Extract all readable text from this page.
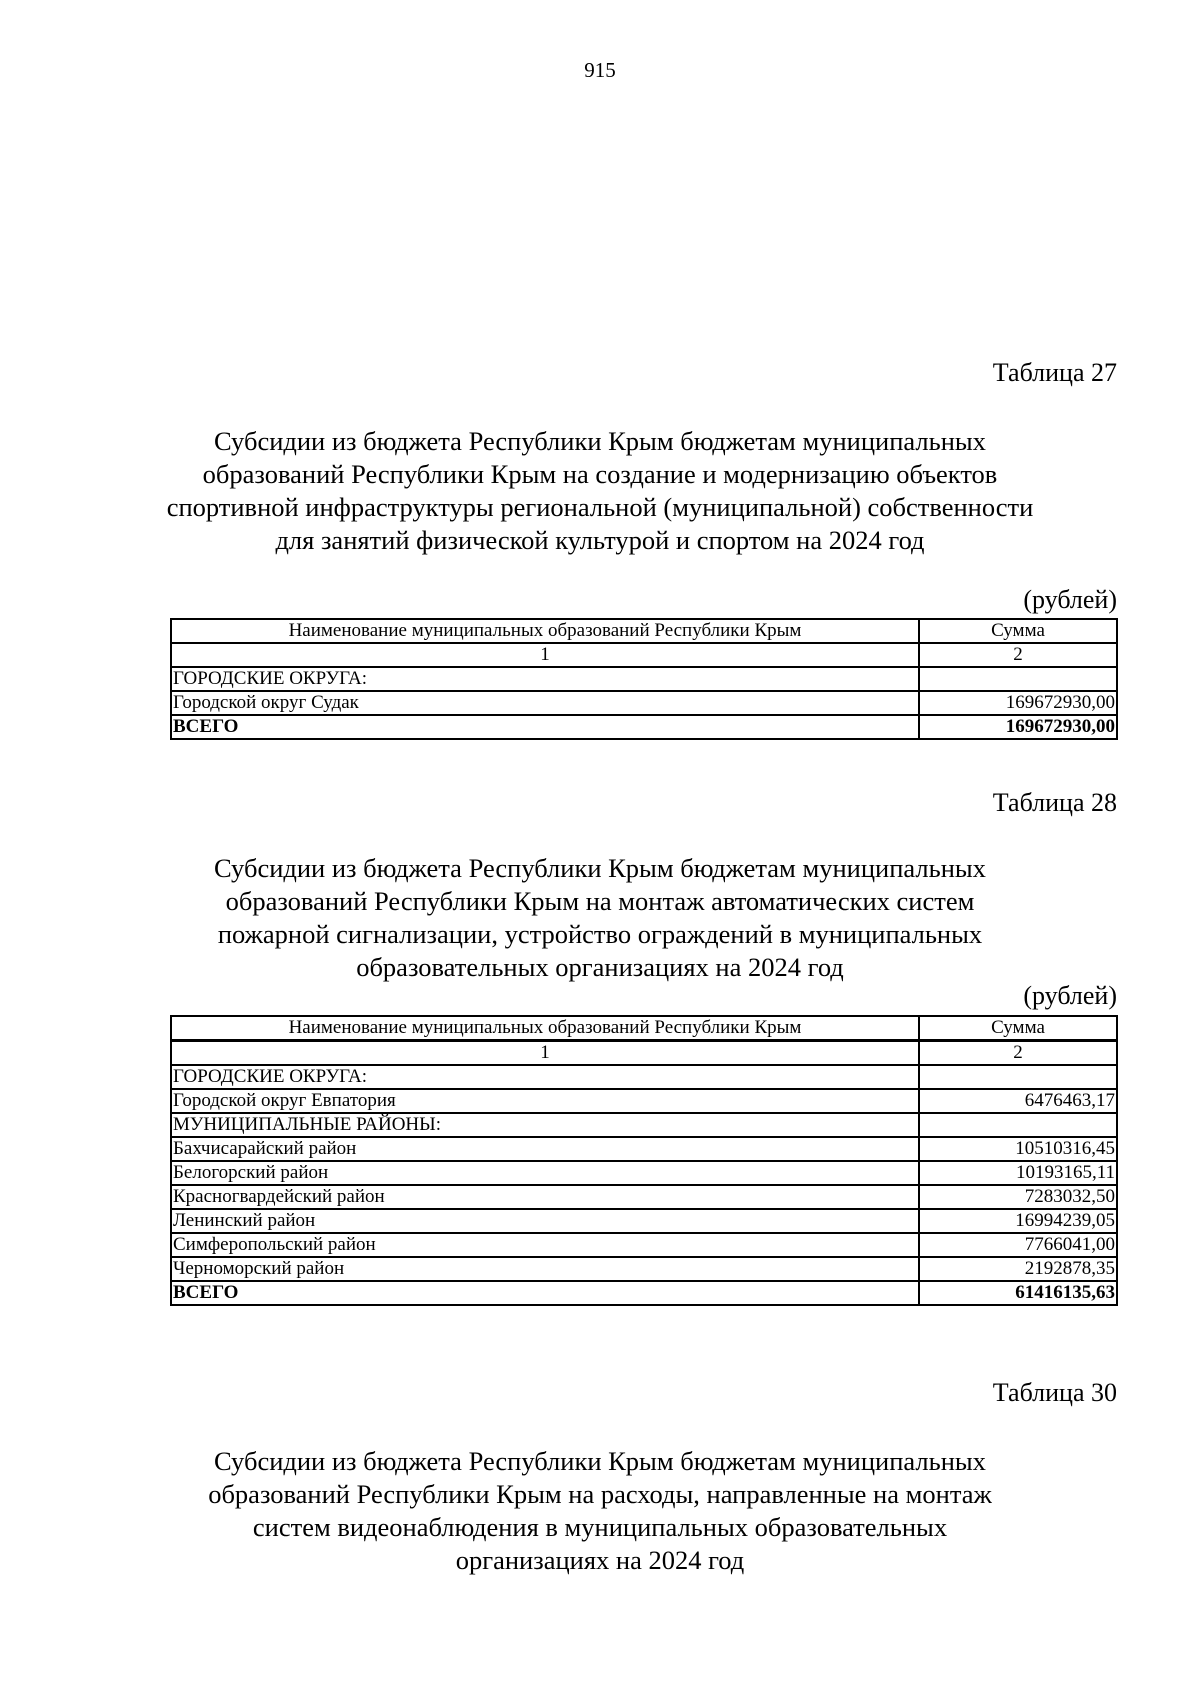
915
Таблица 27
Субсидии из бюджета Республики Крым бюджетам муниципальных
образований Республики Крым на создание и модернизацию объектов
спортивной инфраструктуры региональной (муниципальной) собственности
для занятий физической культурой и спортом на 2024 год
(рублей)
Наименование муниципальных образований Республики Крым	Сумма
1	2
ГОРОДСКИЕ ОКРУГА:	
Городской округ Судак	169672930,00
ВСЕГО	169672930,00
Таблица 28
Субсидии из бюджета Республики Крым бюджетам муниципальных
образований Республики Крым на монтаж автоматических систем
пожарной сигнализации, устройство ограждений в муниципальных
образовательных организациях на 2024 год
(рублей)
Наименование муниципальных образований Республики Крым	Сумма
1	2
ГОРОДСКИЕ ОКРУГА:	
Городской округ Евпатория	6476463,17
МУНИЦИПАЛЬНЫЕ РАЙОНЫ:	
Бахчисарайский район	10510316,45
Белогорский район	10193165,11
Красногвардейский район	7283032,50
Ленинский район	16994239,05
Симферопольский район	7766041,00
Черноморский район	2192878,35
ВСЕГО	61416135,63
Таблица 30
Субсидии из бюджета Республики Крым бюджетам муниципальных
образований Республики Крым на расходы, направленные на монтаж
систем видеонаблюдения в муниципальных образовательных
организациях на 2024 год
